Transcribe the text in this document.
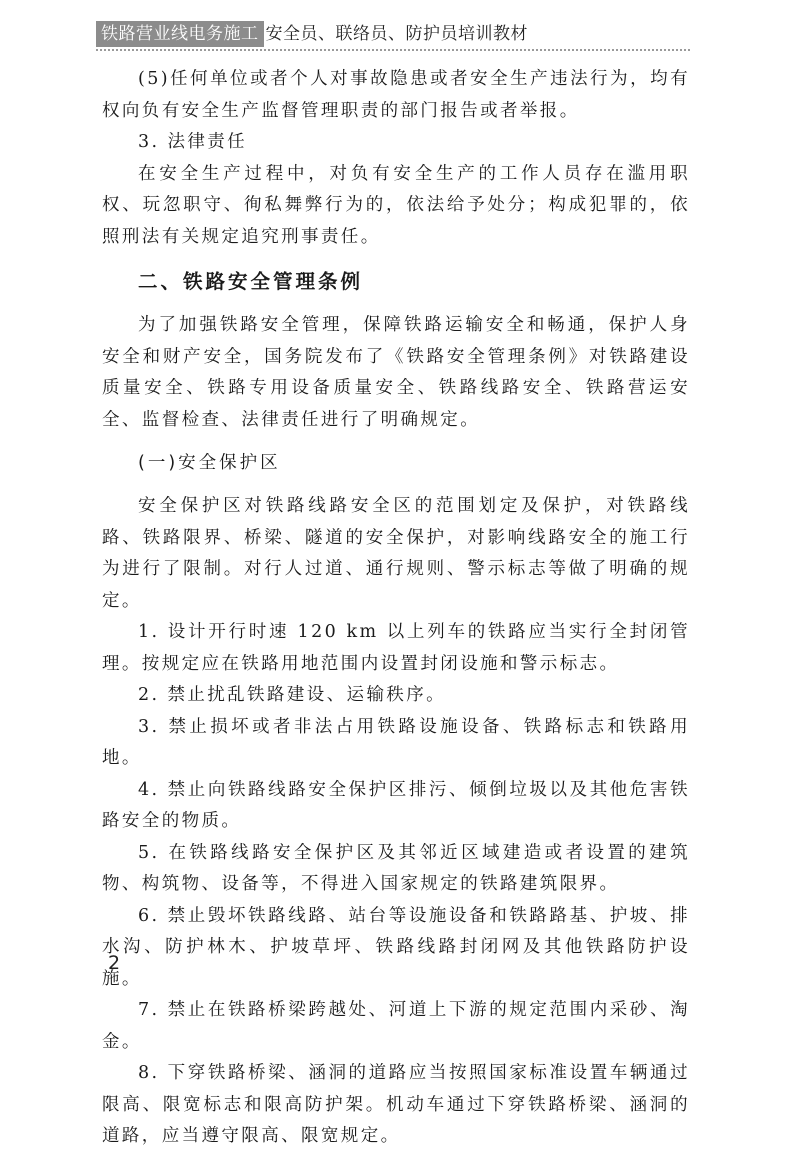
铁路营业线电务施工 安全员、联络员、防护员培训教材

(5)任何单位或者个人对事故隐患或者安全生产违法行为，均有权向负有安全生产监督管理职责的部门报告或者举报。

3. 法律责任

在安全生产过程中，对负有安全生产的工作人员存在滥用职权、玩忽职守、徇私舞弊行为的，依法给予处分；构成犯罪的，依照刑法有关规定追究刑事责任。

二、铁路安全管理条例

为了加强铁路安全管理，保障铁路运输安全和畅通，保护人身安全和财产安全，国务院发布了《铁路安全管理条例》对铁路建设质量安全、铁路专用设备质量安全、铁路线路安全、铁路营运安全、监督检查、法律责任进行了明确规定。

(一)安全保护区

安全保护区对铁路线路安全区的范围划定及保护，对铁路线路、铁路限界、桥梁、隧道的安全保护，对影响线路安全的施工行为进行了限制。对行人过道、通行规则、警示标志等做了明确的规定。

1. 设计开行时速 120 km 以上列车的铁路应当实行全封闭管理。按规定应在铁路用地范围内设置封闭设施和警示标志。

2. 禁止扰乱铁路建设、运输秩序。

3. 禁止损坏或者非法占用铁路设施设备、铁路标志和铁路用地。

4. 禁止向铁路线路安全保护区排污、倾倒垃圾以及其他危害铁路安全的物质。

5. 在铁路线路安全保护区及其邻近区域建造或者设置的建筑物、构筑物、设备等，不得进入国家规定的铁路建筑限界。

6. 禁止毁坏铁路线路、站台等设施设备和铁路路基、护坡、排水沟、防护林木、护坡草坪、铁路线路封闭网及其他铁路防护设施。

7. 禁止在铁路桥梁跨越处、河道上下游的规定范围内采砂、淘金。

8. 下穿铁路桥梁、涵洞的道路应当按照国家标准设置车辆通过限高、限宽标志和限高防护架。机动车通过下穿铁路桥梁、涵洞的道路，应当遵守限高、限宽规定。

2
